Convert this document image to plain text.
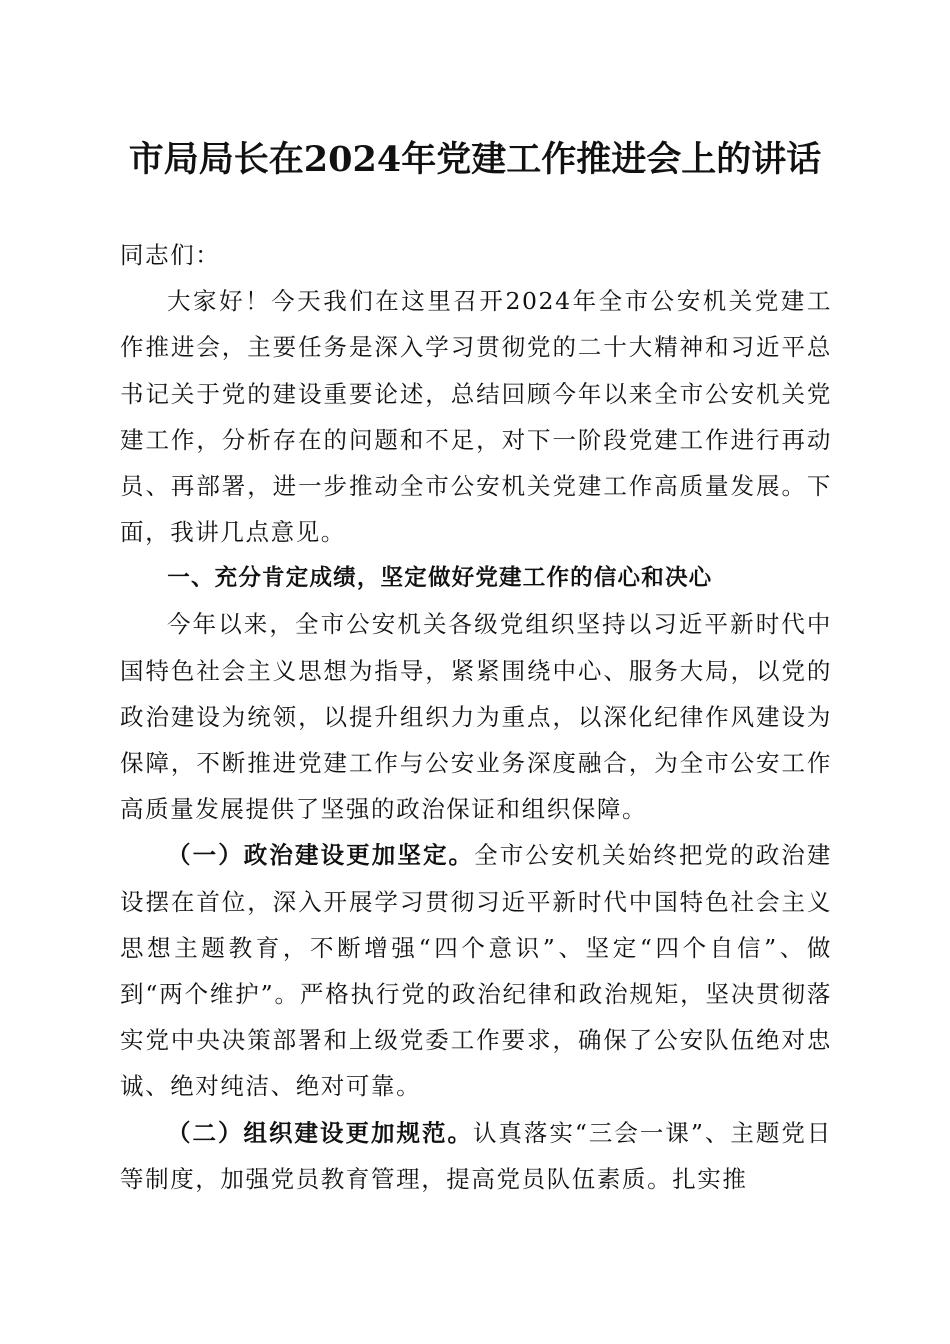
市局局长在2024年党建工作推进会上的讲话

同志们：

大家好！今天我们在这里召开2024年全市公安机关党建工作推进会，主要任务是深入学习贯彻党的二十大精神和习近平总书记关于党的建设重要论述，总结回顾今年以来全市公安机关党建工作，分析存在的问题和不足，对下一阶段党建工作进行再动员、再部署，进一步推动全市公安机关党建工作高质量发展。下面，我讲几点意见。

一、充分肯定成绩，坚定做好党建工作的信心和决心

今年以来，全市公安机关各级党组织坚持以习近平新时代中国特色社会主义思想为指导，紧紧围绕中心、服务大局，以党的政治建设为统领，以提升组织力为重点，以深化纪律作风建设为保障，不断推进党建工作与公安业务深度融合，为全市公安工作高质量发展提供了坚强的政治保证和组织保障。

（一）政治建设更加坚定。全市公安机关始终把党的政治建设摆在首位，深入开展学习贯彻习近平新时代中国特色社会主义思想主题教育，不断增强“四个意识”、坚定“四个自信”、做到“两个维护”。严格执行党的政治纪律和政治规矩，坚决贯彻落实党中央决策部署和上级党委工作要求，确保了公安队伍绝对忠诚、绝对纯洁、绝对可靠。

（二）组织建设更加规范。认真落实“三会一课”、主题党日等制度，加强党员教育管理，提高党员队伍素质。扎实推
